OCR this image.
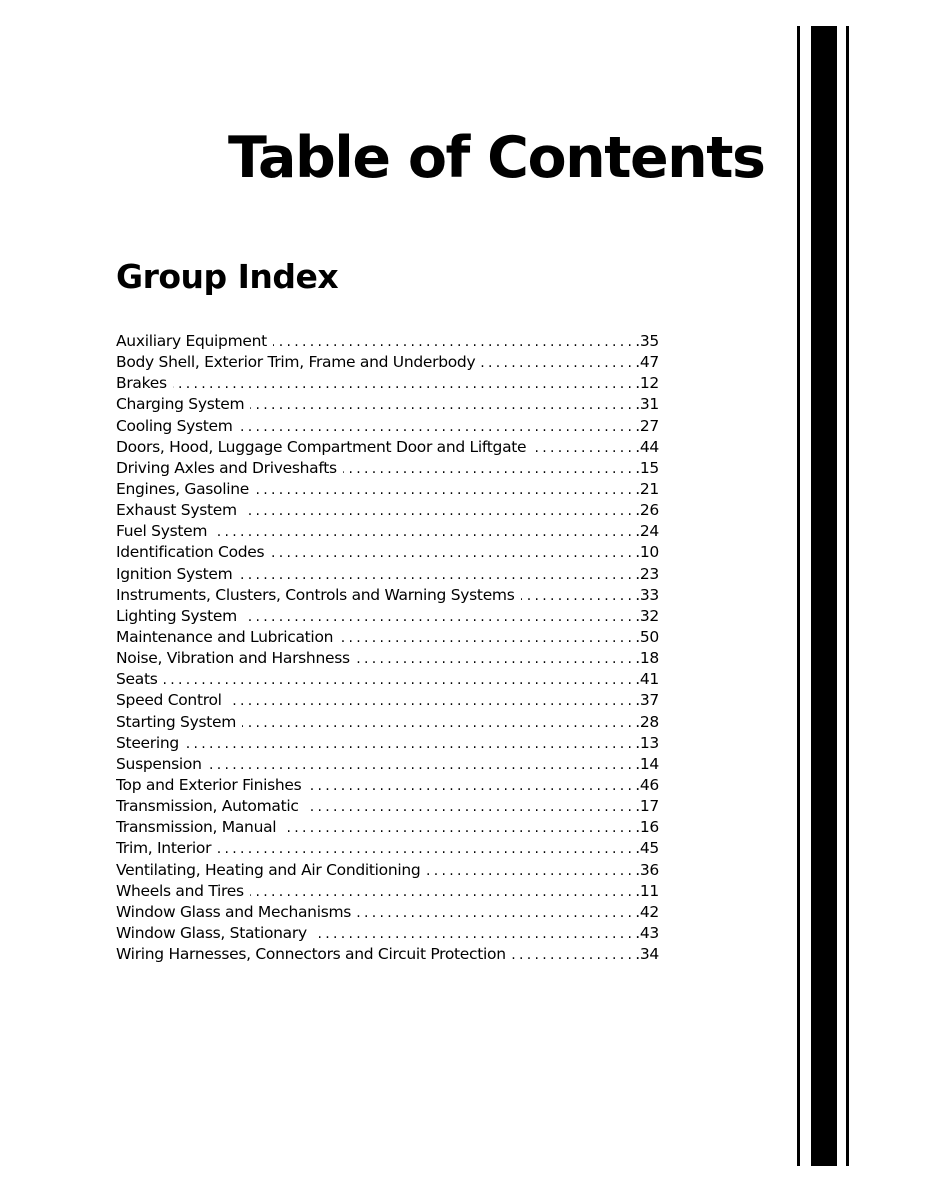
Table of Contents
Group Index
Auxiliary Equipment .....	.35
Body Shell, Exterior Trim, Frame and Underbody .....	.47
Brakes .....	.12
Charging System .....	.31
Cooling System .....	.27
Doors, Hood, Luggage Compartment Door and Liftgate .....	.44
Driving Axles and Driveshafts .....	.15
Engines, Gasoline .....	.21
Exhaust System .....	.26
Fuel System .....	.24
Identification Codes .....	.10
Ignition System .....	.23
Instruments, Clusters, Controls and Warning Systems .....	.33
Lighting System .....	.32
Maintenance and Lubrication .....	.50
Noise, Vibration and Harshness .....	.18
Seats .....	.41
Speed Control .....	.37
Starting System .....	.28
Steering .....	.13
Suspension .....	.14
Top and Exterior Finishes .....	.46
Transmission, Automatic .....	.17
Transmission, Manual .....	.16
Trim, Interior .....	.45
Ventilating, Heating and Air Conditioning .....	.36
Wheels and Tires .....	.11
Window Glass and Mechanisms .....	.42
Window Glass, Stationary .....	.43
Wiring Harnesses, Connectors and Circuit Protection .....	.34
